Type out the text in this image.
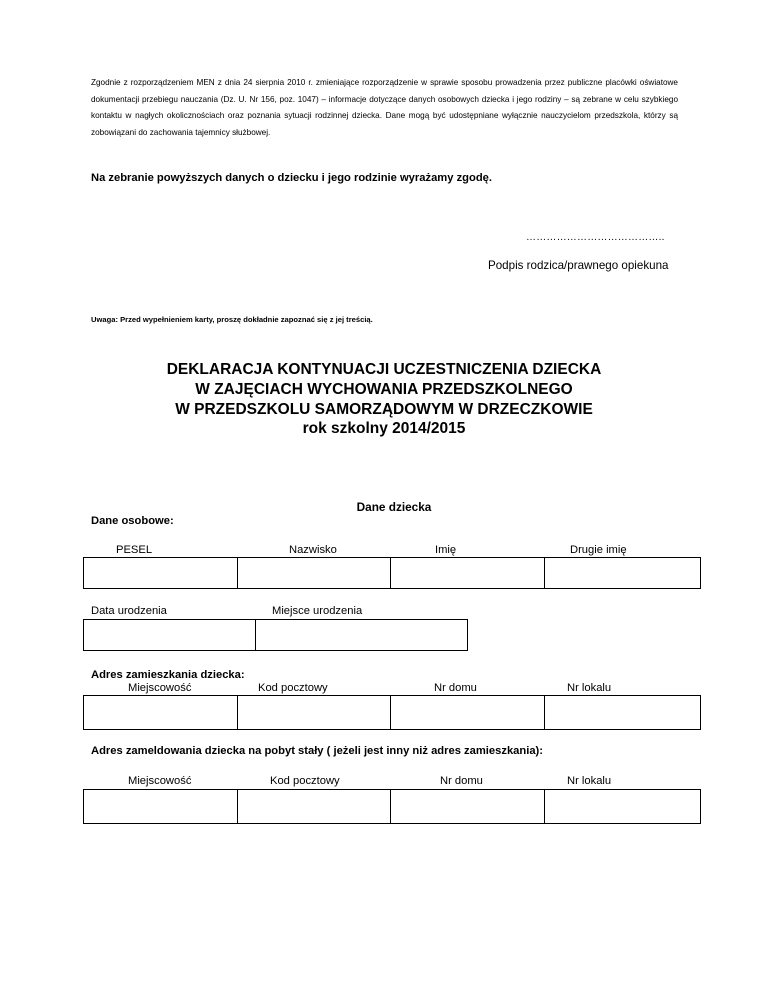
Zgodnie z rozporządzeniem MEN z dnia 24 sierpnia 2010 r. zmieniające rozporządzenie w sprawie sposobu prowadzenia przez publiczne placówki oświatowe dokumentacji przebiegu nauczania (Dz. U. Nr 156, poz. 1047) – informacje dotyczące danych osobowych dziecka i jego rodziny – są zebrane w celu szybkiego kontaktu w nagłych okolicznościach oraz poznania sytuacji rodzinnej dziecka. Dane mogą być udostępniane wyłącznie nauczycielom przedszkola, którzy są zobowiązani do zachowania tajemnicy służbowej.
Na zebranie powyższych danych o dziecku i jego rodzinie wyrażamy zgodę.
…………………………………..
Podpis rodzica/prawnego opiekuna
Uwaga: Przed wypełnieniem karty, proszę dokładnie zapoznać się z jej treścią.
DEKLARACJA KONTYNUACJI UCZESTNICZENIA DZIECKA
W ZAJĘCIACH WYCHOWANIA PRZEDSZKOLNEGO
W PRZEDSZKOLU SAMORZĄDOWYM W DRZECZKOWIE
rok szkolny 2014/2015
Dane dziecka
Dane osobowe:
PESEL	Nazwisko	Imię	Drugie imię
Data urodzenia	Miejsce urodzenia
Adres zamieszkania dziecka:
Miejscowość	Kod pocztowy	Nr domu	Nr lokalu
Adres zameldowania dziecka na pobyt stały ( jeżeli jest inny niż adres zamieszkania):
Miejscowość	Kod pocztowy	Nr domu	Nr lokalu
